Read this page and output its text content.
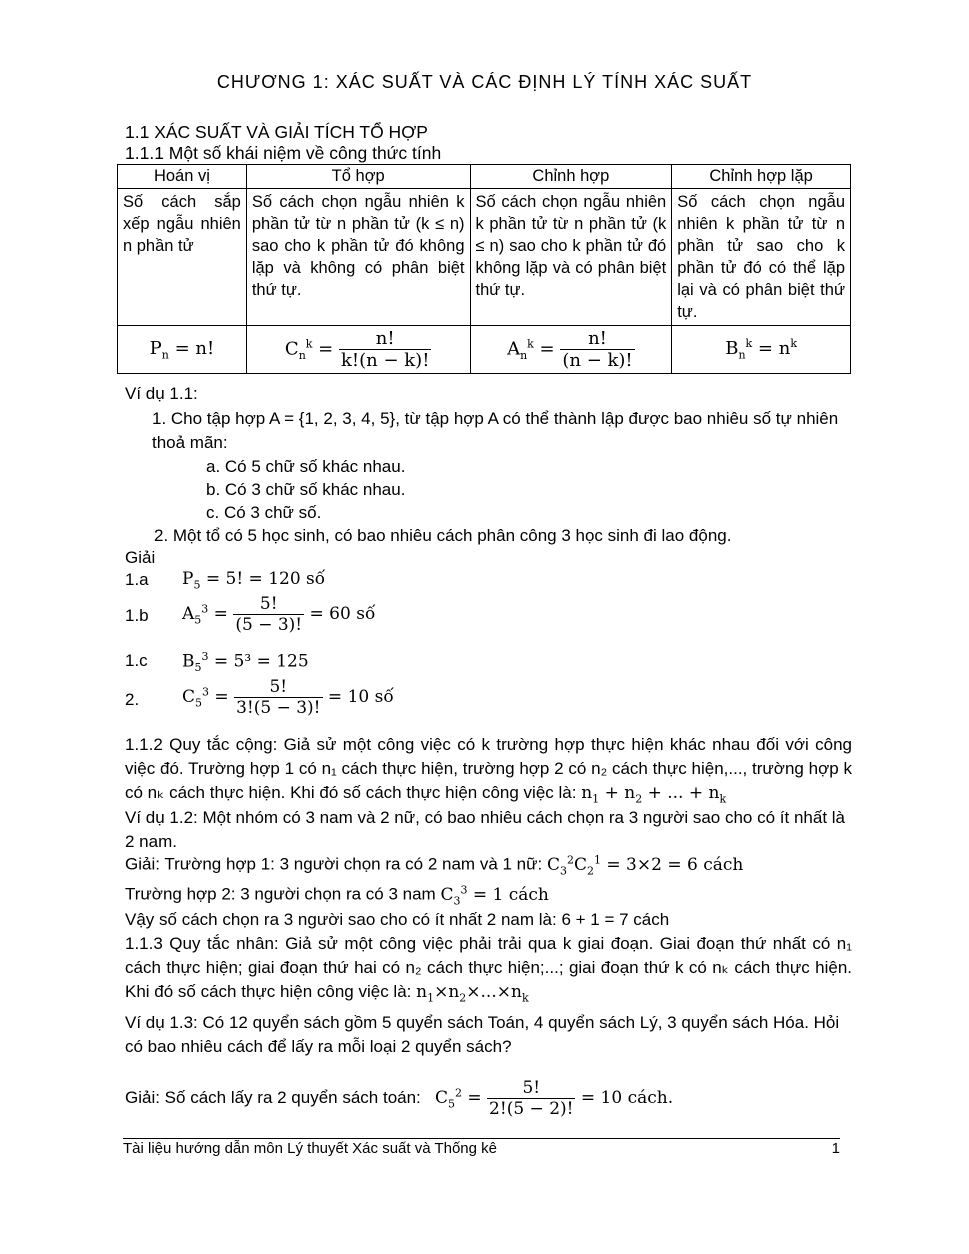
CHƯƠNG 1: XÁC SUẤT VÀ CÁC ĐỊNH LÝ TÍNH XÁC SUẤT
1.1 XÁC SUẤT VÀ GIẢI TÍCH TỔ HỢP
1.1.1 Một số khái niệm về công thức tính
Hoán vị	Tổ hợp	Chỉnh hợp	Chỉnh hợp lặp
Số cách sắp xếp ngẫu nhiên n phần tử	Số cách chọn ngẫu nhiên k phần tử từ n phần tử (k ≤ n) sao cho k phần tử đó không lặp và không có phân biệt thứ tự.	Số cách chọn ngẫu nhiên k phần tử từ n phần tử (k ≤ n) sao cho k phần tử đó không lặp và có phân biệt thứ tự.	Số cách chọn ngẫu nhiên k phần tử từ n phần tử sao cho k phần tử đó có thể lặp lại và có phân biệt thứ tự.
$P_n = n$!	$C_n^k = \frac{n!}{k!(n - k)!}$	$A_n^k = \frac{n!}{(n - k)!}$	$B_n^k = n^k$
Ví dụ 1.1:
1. Cho tập hợp A = {1, 2, 3, 4, 5}, từ tập hợp A có thể thành lập được bao nhiêu số tự nhiên thoả mãn:
a. Có 5 chữ số khác nhau.
b. Có 3 chữ số khác nhau.
c. Có 3 chữ số.
2. Một tổ có 5 học sinh, có bao nhiêu cách phân công 3 học sinh đi lao động.
Giải
1.a $P_5 = 5$! = 120 số
1.b $A_5^3 = \frac{5!}{(5 - 3)!} = 60$ số
1.c $B_5^3 = 5^3 = 125$
2.	$C_5^3 = \frac{5!}{3!(5 - 3)!} = 10$ số
1.1.2 Quy tắc cộng: Giả sử một công việc có k trường hợp thực hiện khác nhau đối với công việc đó. Trường hợp 1 có n₁ cách thực hiện, trường hợp 2 có n₂ cách thực hiện,..., trường hợp k có nₖ cách thực hiện. Khi đó số cách thực hiện công việc là: $n_1 + n_2$ + ... + $n_k$
Ví dụ 1.2: Một nhóm có 3 nam và 2 nữ, có bao nhiêu cách chọn ra 3 người sao cho có ít nhất là 2 nam.
Giải: Trường hợp 1: 3 người chọn ra có 2 nam và 1 nữ: $C_3^2C_2^1 = 3\times 2 = 6$ cách
Trường hợp 2: 3 người chọn ra có 3 nam $C_3^3 = 1$ cách
Vậy số cách chọn ra 3 người sao cho có ít nhất 2 nam là: 6 + 1 = 7 cách
1.1.3 Quy tắc nhân: Giả sử một công việc phải trải qua k giai đoạn. Giai đoạn thứ nhất có n₁ cách thực hiện; giai đoạn thứ hai có n₂ cách thực hiện;...; giai đoạn thứ k có nₖ cách thực hiện. Khi đó số cách thực hiện công việc là: $n_1\times n_2\times...\times n_k$
Ví dụ 1.3: Có 12 quyển sách gồm 5 quyển sách Toán, 4 quyển sách Lý, 3 quyển sách Hóa. Hỏi có bao nhiêu cách để lấy ra mỗi loại 2 quyển sách?
Giải: Số cách lấy ra 2 quyển sách toán: $C_5^2 = \frac{5!}{2!(5 - 2)!} = 10$ cách.
Tài liệu hướng dẫn môn Lý thuyết Xác suất và Thống kê	1
